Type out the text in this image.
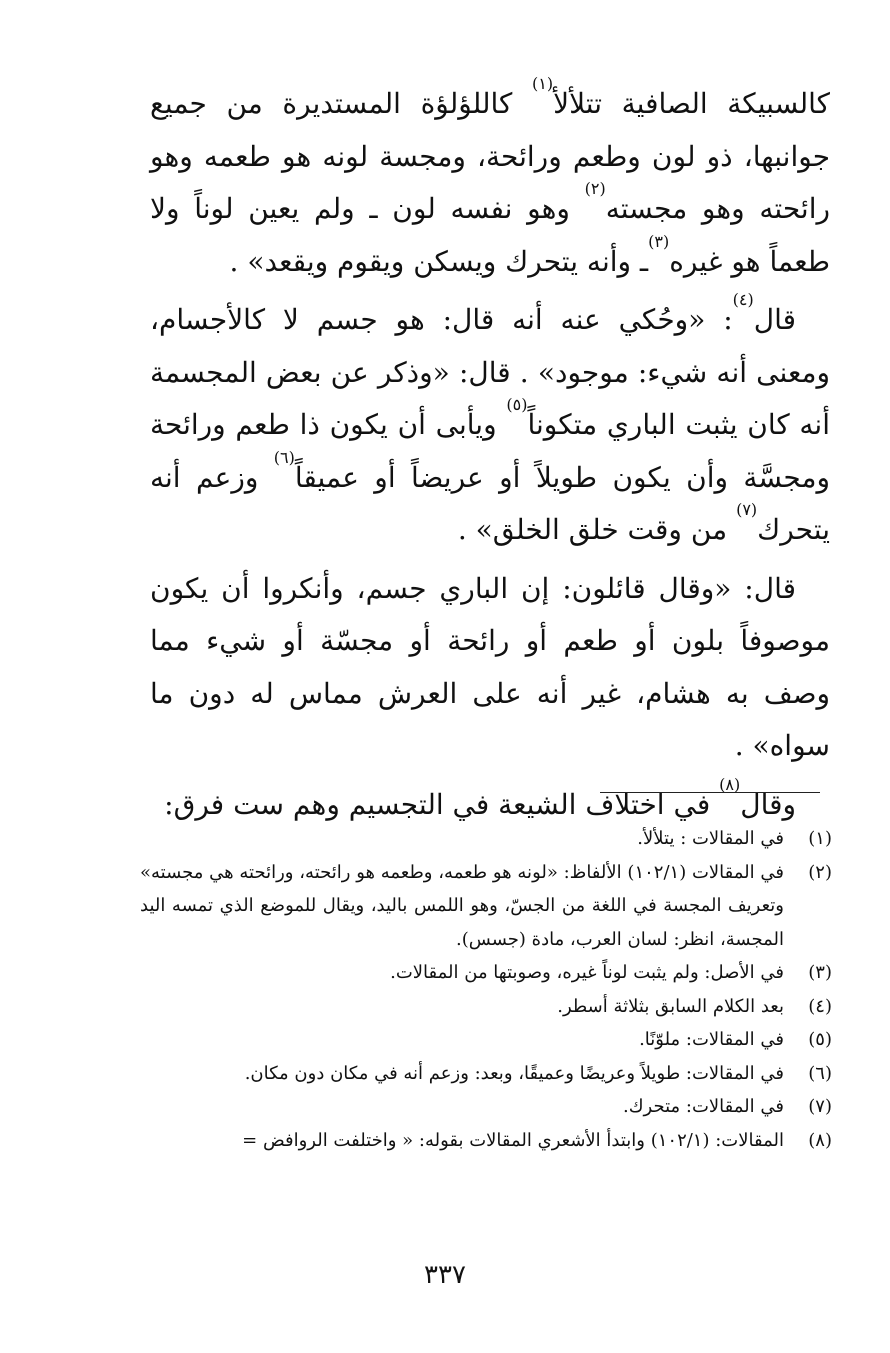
كالسبيكة الصافية تتلألأ$^{(١)}$ كاللؤلؤة المستديرة من جميع جوانبها، ذو لون وطعم ورائحة، ومجسة لونه هو طعمه وهو رائحته وهو مجسته$^{(٢)}$ وهو نفسه لون ـ ولم يعين لوناً ولا طعماً هو غيره$^{(٣)}$ـ وأنه يتحرك ويسكن ويقوم ويقعد» .

قال$^{(٤)}$: «وحُكي عنه أنه قال: هو جسم لا كالأجسام، ومعنى أنه شيء: موجود» . قال: «وذكر عن بعض المجسمة أنه كان يثبت الباري متكوناً$^{(٥)}$ ويأبى أن يكون ذا طعم ورائحة ومجسَّة وأن يكون طويلاً أو عريضاً أو عميقاً$^{(٦)}$ وزعم أنه يتحرك$^{(٧)}$ من وقت خلق الخلق» .

قال: «وقال قائلون: إن الباري جسم، وأنكروا أن يكون موصوفاً بلون أو طعم أو رائحة أو مجسّة أو شيء مما وصف به هشام، غير أنه على العرش مماس له دون ما سواه» .

وقال$^{(٨)}$ في اختلاف الشيعة في التجسيم وهم ست فرق:

(١)
في المقالات : يتلألأ.
(٢)
في المقالات (١٠٢/١) الألفاظ: «لونه هو طعمه، وطعمه هو رائحته، ورائحته هي مجسته» وتعريف المجسة في اللغة من الجسّ، وهو اللمس باليد، ويقال للموضع الذي تمسه اليد المجسة، انظر: لسان العرب، مادة (جسس).
(٣)
في الأصل: ولم يثبت لوناً غيره، وصوبتها من المقالات.
(٤)
بعد الكلام السابق بثلاثة أسطر.
(٥)
في المقالات: ملوّنًا.
(٦)
في المقالات: طويلاً وعريضًا وعميقًا، وبعد: وزعم أنه في مكان دون مكان.
(٧)
في المقالات: متحرك.
(٨)
المقالات: (١٠٢/١) وابتدأ الأشعري المقالات بقوله: « واختلفت الروافض =
٣٣٧
